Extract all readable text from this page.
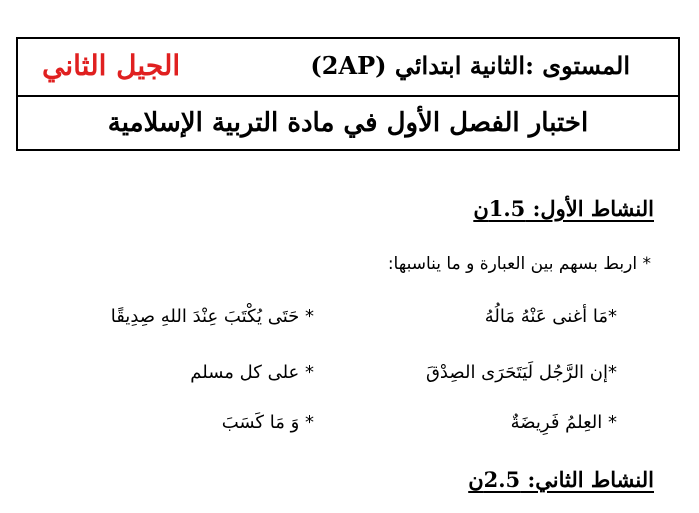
المستوى :الثانية ابتدائي (2AP)
الجيل الثاني
اختبار الفصل الأول في مادة التربية الإسلامية
النشاط الأول: 1.5ن
* اربط بسهم بين العبارة و ما يناسبها:
*مَا أغنى عَنْهُ مَالُهُ
* حَتَى يُكْتَبَ عِنْدَ اللهِ صِدِيقًا
*إن الرَّجُل لَيَتَحَرَى الصِدْقَ
* على كل مسلم
* العِلمُ فَرِيضَةٌ
* وَ مَا كَسَبَ
النشاط الثاني: 2.5ن
